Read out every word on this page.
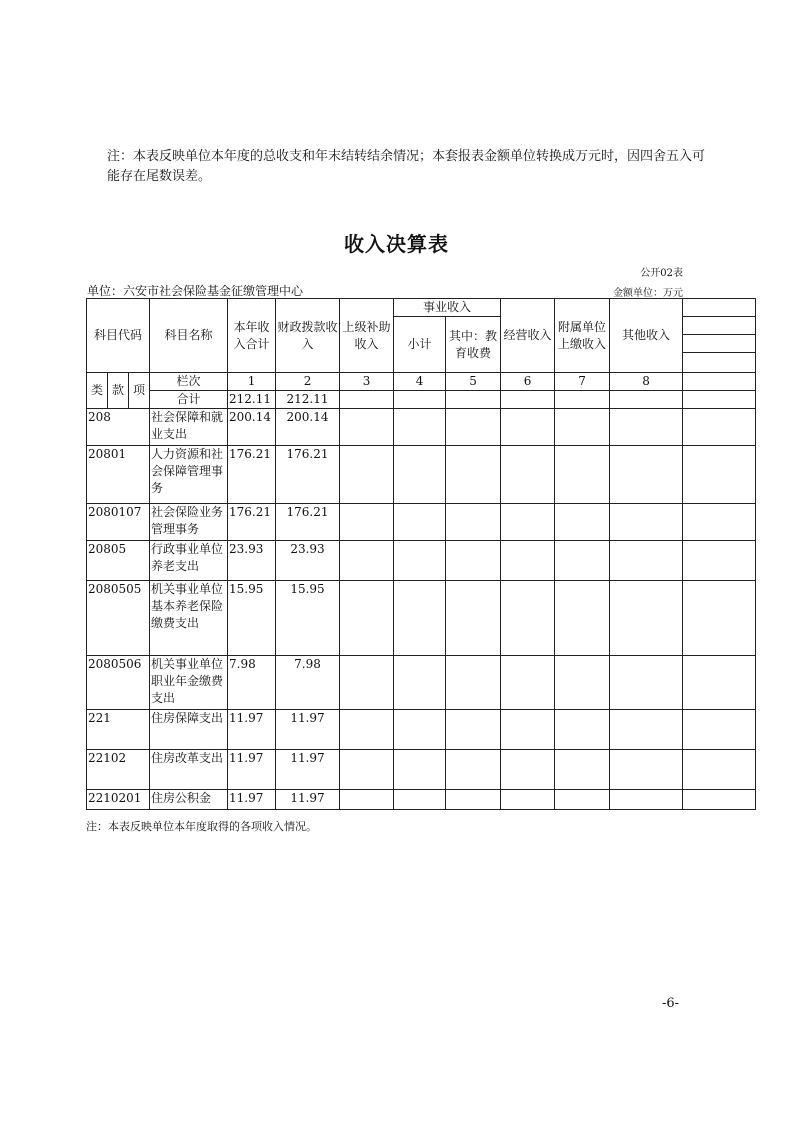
注：本表反映单位本年度的总收支和年末结转结余情况；本套报表金额单位转换成万元时，因四舍五入可能存在尾数误差。
收入决算表
公开02表
单位：六安市社会保险基金征缴管理中心	金额单位：万元
科目代码			科目名称	本年收入合计	财政拨款收入	上级补助收入	事业收入		经营收入	附属单位上缴收入	其他收入	
							小计	其中：教育收费				

类	款	项	栏次	1	2	3	4	5	6	7	8	
			合计	212.11	212.11							
208			社会保障和就业支出	200.14	200.14							
20801			人力资源和社会保障管理事务	176.21	176.21							
2080107			社会保险业务管理事务	176.21	176.21							
20805			行政事业单位养老支出	23.93	23.93							
2080505			机关事业单位基本养老保险缴费支出	15.95	15.95							
2080506			机关事业单位职业年金缴费支出	7.98	7.98							
221			住房保障支出	11.97	11.97							
22102			住房改革支出	11.97	11.97							
2210201			住房公积金	11.97	11.97							
注：本表反映单位本年度取得的各项收入情况。
-6-
